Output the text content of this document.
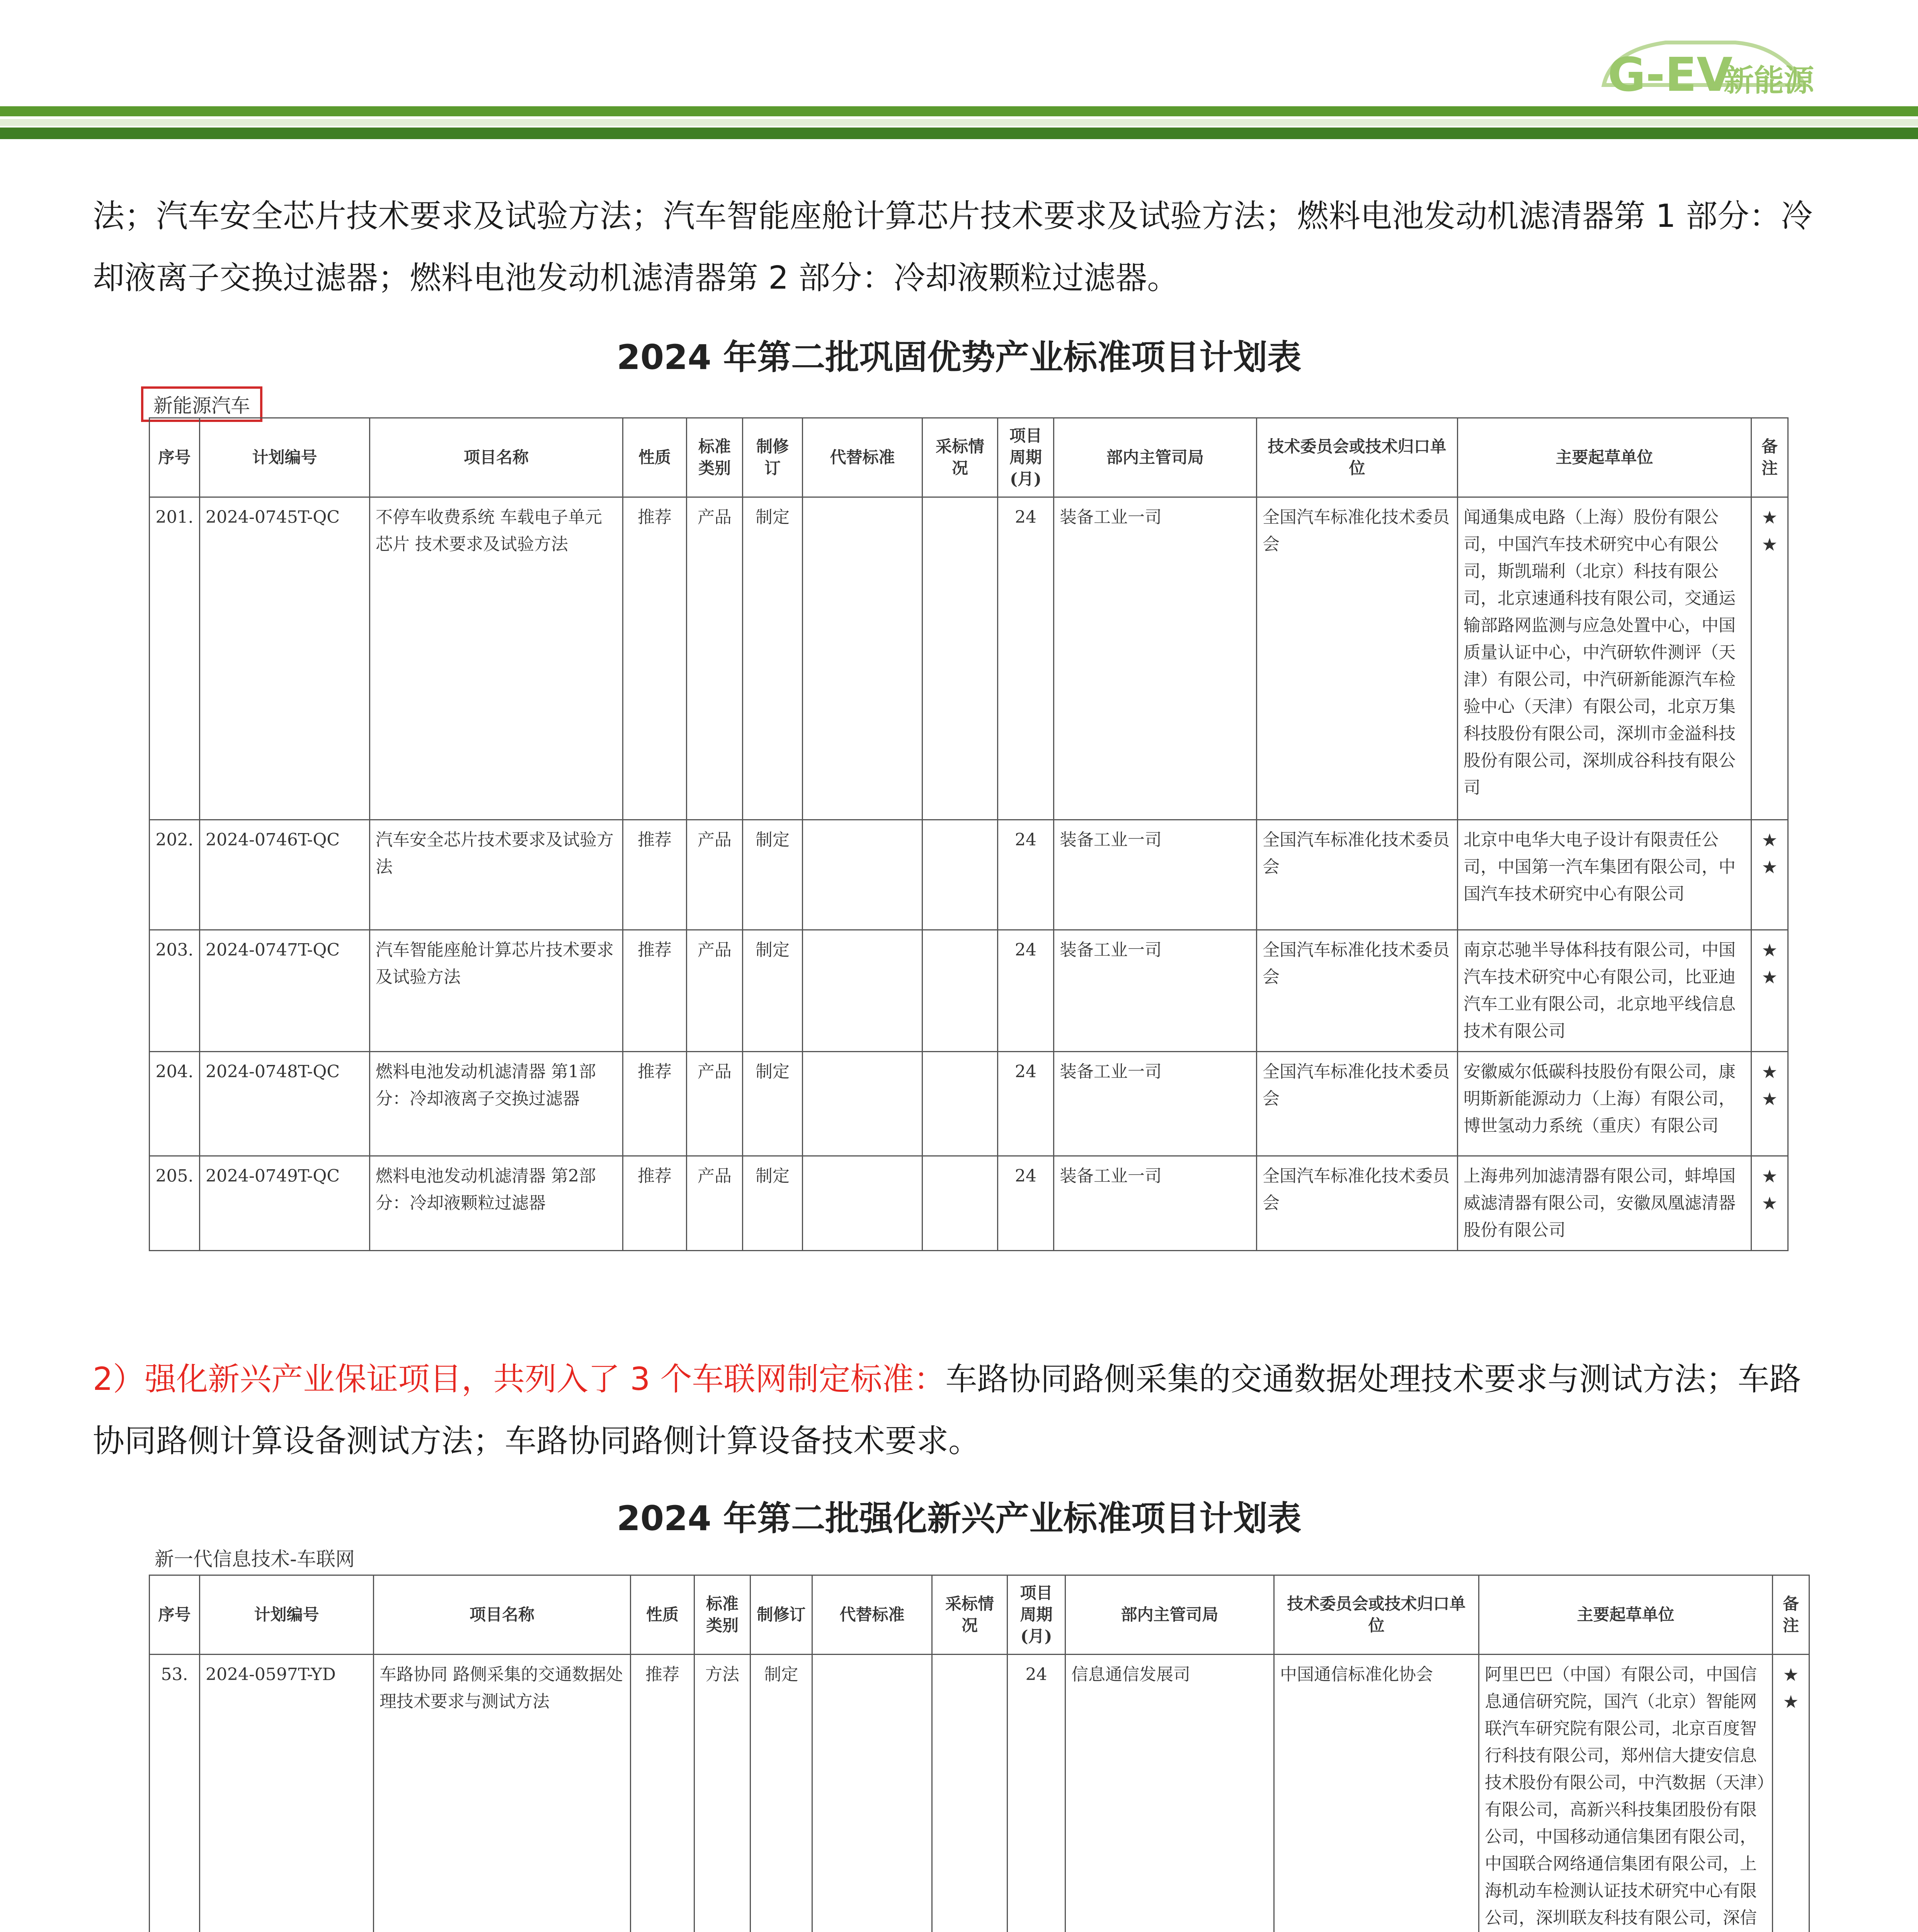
G-EV
新能源
法；汽车安全芯片技术要求及试验方法；汽车智能座舱计算芯片技术要求及试验方法；燃料电池发动机滤清器第 1 部分：冷却液离子交换过滤器；燃料电池发动机滤清器第 2 部分：冷却液颗粒过滤器。
2024 年第二批巩固优势产业标准项目计划表
新能源汽车
序号	计划编号	项目名称	性质	标准类别	制修订	代替标准	采标情况	项目周期(月)	部内主管司局	技术委员会或技术归口单位	主要起草单位	备注
201.	2024-0745T-QC	不停车收费系统 车载电子单元芯片 技术要求及试验方法	推荐	产品	制定			24	装备工业一司	全国汽车标准化技术委员会	闻通集成电路（上海）股份有限公司，中国汽车技术研究中心有限公司，斯凯瑞利（北京）科技有限公司，北京速通科技有限公司，交通运输部路网监测与应急处置中心，中国质量认证中心，中汽研软件测评（天津）有限公司，中汽研新能源汽车检验中心（天津）有限公司，北京万集科技股份有限公司，深圳市金溢科技股份有限公司，深圳成谷科技有限公司	★
★

202.	2024-0746T-QC	汽车安全芯片技术要求及试验方法	推荐	产品	制定			24	装备工业一司	全国汽车标准化技术委员会	北京中电华大电子设计有限责任公司，中国第一汽车集团有限公司，中国汽车技术研究中心有限公司	★
★

203.	2024-0747T-QC	汽车智能座舱计算芯片技术要求及试验方法	推荐	产品	制定			24	装备工业一司	全国汽车标准化技术委员会	南京芯驰半导体科技有限公司，中国汽车技术研究中心有限公司，比亚迪汽车工业有限公司，北京地平线信息技术有限公司	★
★

204.	2024-0748T-QC	燃料电池发动机滤清器 第1部分：冷却液离子交换过滤器	推荐	产品	制定			24	装备工业一司	全国汽车标准化技术委员会	安徽威尔低碳科技股份有限公司，康明斯新能源动力（上海）有限公司，博世氢动力系统（重庆）有限公司	★
★

205.	2024-0749T-QC	燃料电池发动机滤清器 第2部分：冷却液颗粒过滤器	推荐	产品	制定			24	装备工业一司	全国汽车标准化技术委员会	上海弗列加滤清器有限公司，蚌埠国威滤清器有限公司，安徽凤凰滤清器股份有限公司	★
★
2）强化新兴产业保证项目，共列入了 3 个车联网制定标准：车路协同路侧采集的交通数据处理技术要求与测试方法；车路协同路侧计算设备测试方法；车路协同路侧计算设备技术要求。
2024 年第二批强化新兴产业标准项目计划表
新一代信息技术-车联网
序号	计划编号	项目名称	性质	标准类别	制修订	代替标准	采标情况	项目周期(月)	部内主管司局	技术委员会或技术归口单位	主要起草单位	备注
53.	2024-0597T-YD	车路协同 路侧采集的交通数据处理技术要求与测试方法	推荐	方法	制定			24	信息通信发展司	中国通信标准化协会	阿里巴巴（中国）有限公司，中国信息通信研究院，国汽（北京）智能网联汽车研究院有限公司，北京百度智行科技有限公司，郑州信大捷安信息技术股份有限公司，中汽数据（天津）有限公司，高新兴科技集团股份有限公司，中国移动通信集团有限公司，中国联合网络通信集团有限公司，上海机动车检测认证技术研究中心有限公司，深圳联友科技有限公司，深信	★
★
